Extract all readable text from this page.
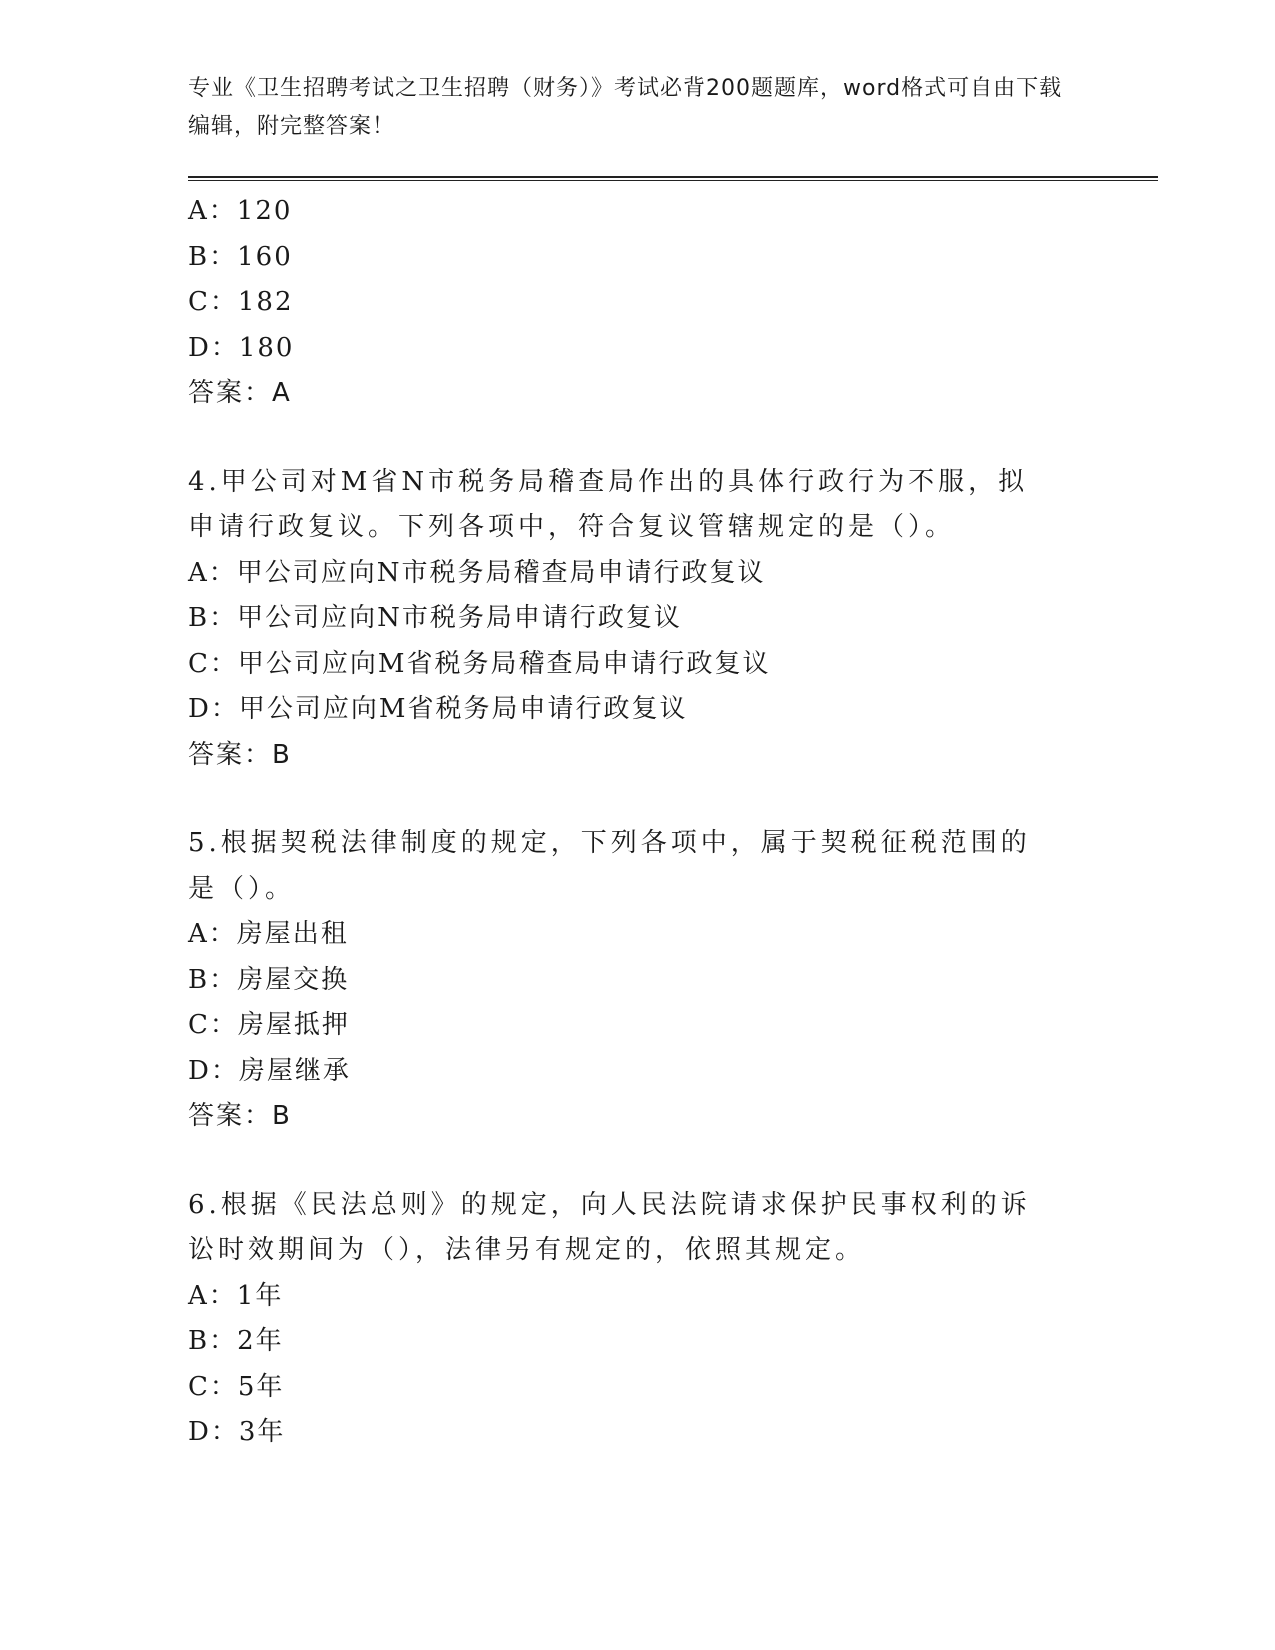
专业《卫生招聘考试之卫生招聘（财务）》考试必背200题题库，word格式可自由下载编辑，附完整答案！
A：120
B：160
C：182
D：180
答案：A
4.甲公司对M省N市税务局稽查局作出的具体行政行为不服，拟申请行政复议。下列各项中，符合复议管辖规定的是（）。
A：甲公司应向N市税务局稽查局申请行政复议
B：甲公司应向N市税务局申请行政复议
C：甲公司应向M省税务局稽查局申请行政复议
D：甲公司应向M省税务局申请行政复议
答案：B
5.根据契税法律制度的规定，下列各项中，属于契税征税范围的是（）。
A：房屋出租
B：房屋交换
C：房屋抵押
D：房屋继承
答案：B
6.根据《民法总则》的规定，向人民法院请求保护民事权利的诉讼时效期间为（），法律另有规定的，依照其规定。
A：1年
B：2年
C：5年
D：3年
